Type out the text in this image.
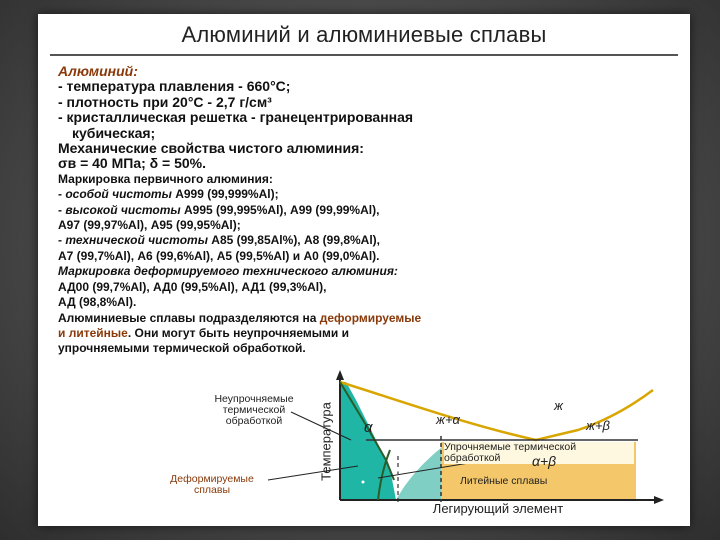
Алюминий и алюминиевые сплавы
Алюминий:
- температура плавления - 660°С;
- плотность при 20°С - 2,7 г/см³
- кристаллическая решетка - гранецентрированная
кубическая;
Механические свойства чистого алюминия:
σв = 40 МПа; δ = 50%.
Маркировка первичного алюминия:
- особой чистоты А999 (99,999%Al);
- высокой чистоты А995 (99,995%Al), А99 (99,99%Al),
А97 (99,97%Al), А95 (99,95%Al);
- технической чистоты А85 (99,85Al%), А8 (99,8%Al),
А7 (99,7%Al), А6 (99,6%Al), А5 (99,5%Al) и А0 (99,0%Al).
Маркировка деформируемого технического алюминия:
АД00 (99,7%Al), АД0 (99,5%Al), АД1 (99,3%Al),
АД (98,8%Al).
Алюминиевые сплавы подразделяются на деформируемые
и литейные. Они могут быть неупрочняемыми и
упрочняемыми термической обработкой.
Неупрочняемые термической обработкой
Деформируемые сплавы
Упрочняемые термической обработкой
Литейные сплавы
Температура
Легирующий элемент
α	ж+α
ж
ж+β
α+β
